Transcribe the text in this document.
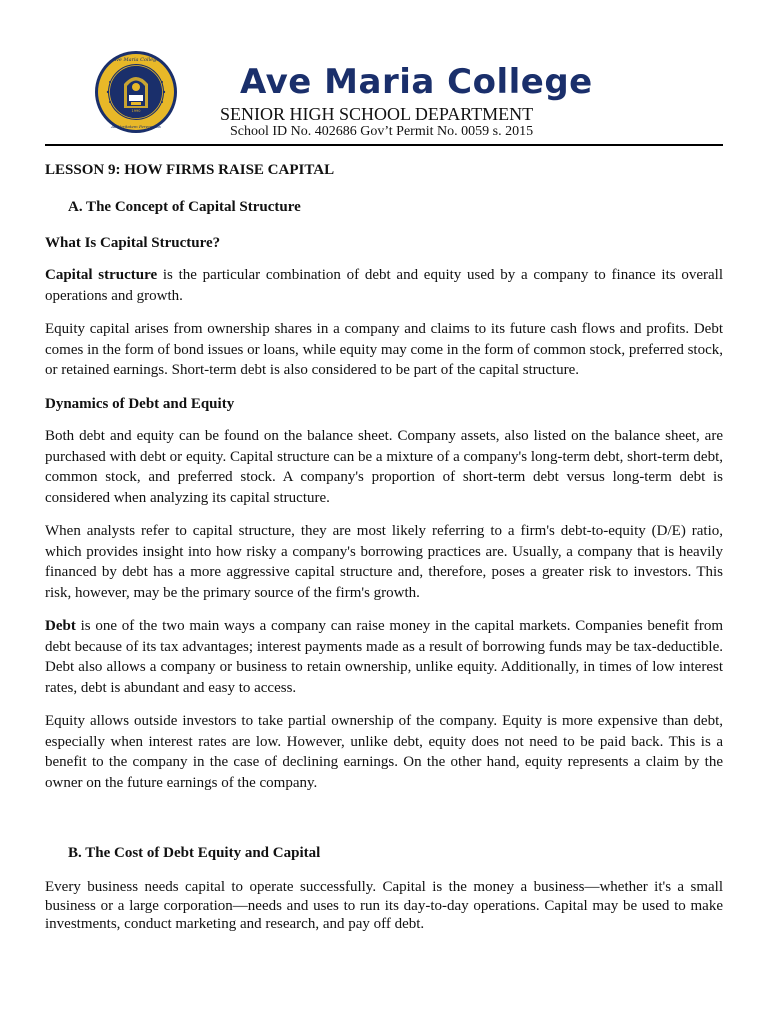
Ave Maria College
Ad Veritatem Pereperius
1990
Ave Maria College
SENIOR HIGH SCHOOL DEPARTMENT
School ID No. 402686 Gov’t Permit No. 0059 s. 2015
LESSON 9: HOW FIRMS RAISE CAPITAL
A. The Concept of Capital Structure
What Is Capital Structure?

Capital structure is the particular combination of debt and equity used by a company to finance its overall operations and growth.

Equity capital arises from ownership shares in a company and claims to its future cash flows and profits. Debt comes in the form of bond issues or loans, while equity may come in the form of common stock, preferred stock, or retained earnings. Short-term debt is also considered to be part of the capital structure.

Dynamics of Debt and Equity

Both debt and equity can be found on the balance sheet. Company assets, also listed on the balance sheet, are purchased with debt or equity. Capital structure can be a mixture of a company's long-term debt, short-term debt, common stock, and preferred stock. A company's proportion of short-term debt versus long-term debt is considered when analyzing its capital structure.

When analysts refer to capital structure, they are most likely referring to a firm's debt-to-equity (D/E) ratio, which provides insight into how risky a company's borrowing practices are. Usually, a company that is heavily financed by debt has a more aggressive capital structure and, therefore, poses a greater risk to investors. This risk, however, may be the primary source of the firm's growth.

Debt is one of the two main ways a company can raise money in the capital markets. Companies benefit from debt because of its tax advantages; interest payments made as a result of borrowing funds may be tax-deductible. Debt also allows a company or business to retain ownership, unlike equity. Additionally, in times of low interest rates, debt is abundant and easy to access.

Equity allows outside investors to take partial ownership of the company. Equity is more expensive than debt, especially when interest rates are low. However, unlike debt, equity does not need to be paid back. This is a benefit to the company in the case of declining earnings. On the other hand, equity represents a claim by the owner on the future earnings of the company.

B. The Cost of Debt Equity and Capital

Every business needs capital to operate successfully. Capital is the money a business—whether it's a small business or a large corporation—needs and uses to run its day-to-day operations. Capital may be used to make investments, conduct marketing and research, and pay off debt.
